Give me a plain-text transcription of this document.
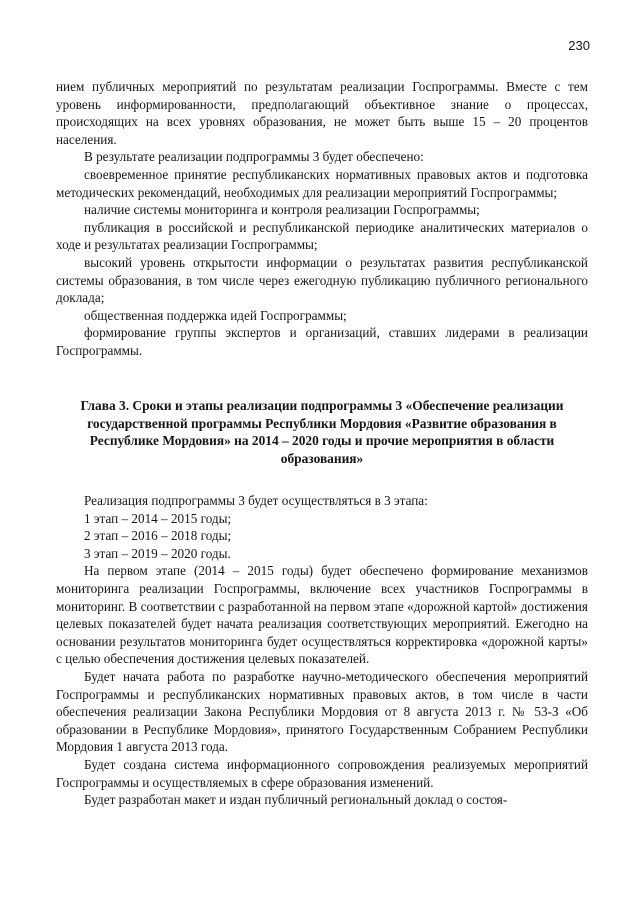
230

нием публичных мероприятий по результатам реализации Госпрограммы. Вместе с тем уровень информированности, предполагающий объективное знание о процессах, происходящих на всех уровнях образования, не может быть выше 15 – 20 процентов населения.

В результате реализации подпрограммы 3 будет обеспечено:

своевременное принятие республиканских нормативных правовых актов и подготовка методических рекомендаций, необходимых для реализации мероприятий Госпрограммы;

наличие системы мониторинга и контроля реализации Госпрограммы;

публикация в российской и республиканской периодике аналитических материалов о ходе и результатах реализации Госпрограммы;

высокий уровень открытости информации о результатах развития республиканской системы образования, в том числе через ежегодную публикацию публичного регионального доклада;

общественная поддержка идей Госпрограммы;

формирование группы экспертов и организаций, ставших лидерами в реализации Госпрограммы.

Глава 3. Сроки и этапы реализации подпрограммы 3 «Обеспечение реализации государственной программы Республики Мордовия «Развитие образования в Республике Мордовия» на 2014 – 2020 годы и прочие мероприятия в области образования»

Реализация подпрограммы 3 будет осуществляться в 3 этапа:

1 этап – 2014 – 2015 годы;

2 этап – 2016 – 2018 годы;

3 этап – 2019 – 2020 годы.

На первом этапе (2014 – 2015 годы) будет обеспечено формирование механизмов мониторинга реализации Госпрограммы, включение всех участников Госпрограммы в мониторинг. В соответствии с разработанной на первом этапе «дорожной картой» достижения целевых показателей будет начата реализация соответствующих мероприятий. Ежегодно на основании результатов мониторинга будет осуществляться корректировка «дорожной карты» с целью обеспечения достижения целевых показателей.

Будет начата работа по разработке научно-методического обеспечения мероприятий Госпрограммы и республиканских нормативных правовых актов, в том числе в части обеспечения реализации Закона Республики Мордовия от 8 августа 2013 г. № 53-З «Об образовании в Республике Мордовия», принятого Государственным Собранием Республики Мордовия 1 августа 2013 года.

Будет создана система информационного сопровождения реализуемых мероприятий Госпрограммы и осуществляемых в сфере образования изменений.

Будет разработан макет и издан публичный региональный доклад о состоя-
